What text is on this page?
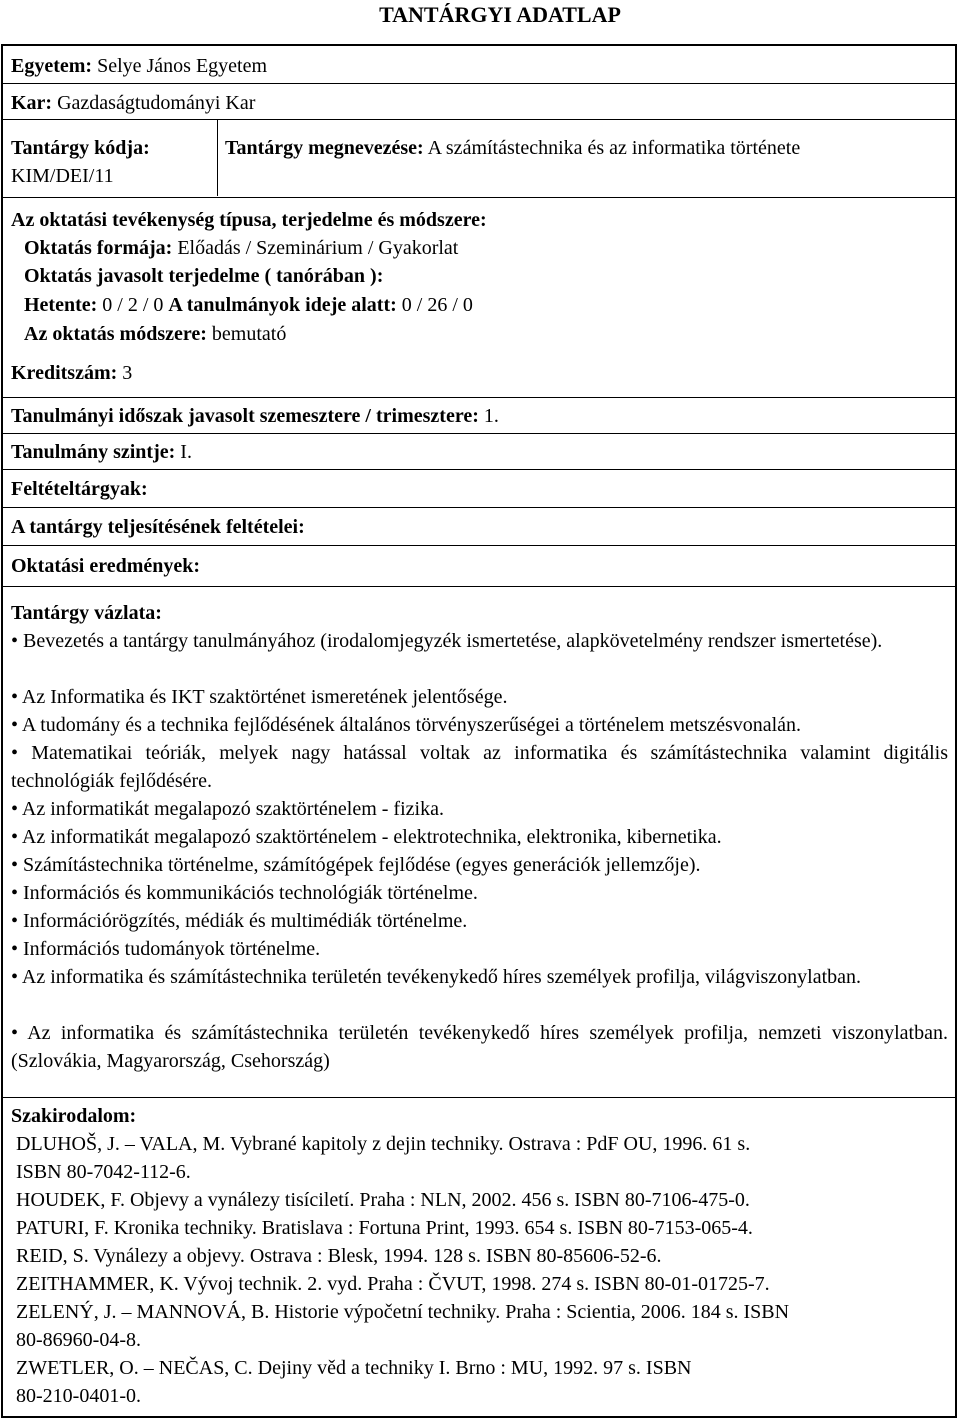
TANTÁRGYI ADATLAP
Egyetem: Selye János Egyetem
Kar: Gazdaságtudományi Kar
Tantárgy kódja:
KIM/DEI/11
Tantárgy megnevezése: A számítástechnika és az informatika története
Az oktatási tevékenység típusa, terjedelme és módszere:
Oktatás formája: Előadás / Szeminárium / Gyakorlat
Oktatás javasolt terjedelme ( tanórában ):
Hetente: 0 / 2 / 0 A tanulmányok ideje alatt: 0 / 26 / 0
Az oktatás módszere: bemutató
Kreditszám: 3
Tanulmányi időszak javasolt szemesztere / trimesztere: 1.
Tanulmány szintje: I.
Feltételtárgyak:
A tantárgy teljesítésének feltételei:
Oktatási eredmények:
Tantárgy vázlata:
• Bevezetés a tantárgy tanulmányához (irodalomjegyzék ismertetése, alapkövetelmény rendszer ismertetése).
• Az Informatika és IKT szaktörténet ismeretének jelentősége.
• A tudomány és a technika fejlődésének általános törvényszerűségei a történelem metszésvonalán.
• Matematikai teóriák, melyek nagy hatással voltak az informatika és számítástechnika valamint digitális technológiák fejlődésére.
• Az informatikát megalapozó szaktörténelem - fizika.
• Az informatikát megalapozó szaktörténelem - elektrotechnika, elektronika, kibernetika.
• Számítástechnika történelme, számítógépek fejlődése (egyes generációk jellemzője).
• Információs és kommunikációs technológiák történelme.
• Információrögzítés, médiák és multimédiák történelme.
• Információs tudományok történelme.
• Az informatika és számítástechnika területén tevékenykedő híres személyek profilja, világviszonylatban.
• Az informatika és számítástechnika területén tevékenykedő híres személyek profilja, nemzeti viszonylatban. (Szlovákia, Magyarország, Csehország)
Szakirodalom:
DLUHOŠ, J. – VALA, M. Vybrané kapitoly z dejin techniky. Ostrava : PdF OU, 1996. 61 s.
ISBN 80-7042-112-6.
HOUDEK, F. Objevy a vynálezy tisíciletí. Praha : NLN, 2002. 456 s. ISBN 80-7106-475-0.
PATURI, F. Kronika techniky. Bratislava : Fortuna Print, 1993. 654 s. ISBN 80-7153-065-4.
REID, S. Vynálezy a objevy. Ostrava : Blesk, 1994. 128 s. ISBN 80-85606-52-6.
ZEITHAMMER, K. Vývoj technik. 2. vyd. Praha : ČVUT, 1998. 274 s. ISBN 80-01-01725-7.
ZELENÝ, J. – MANNOVÁ, B. Historie výpočetní techniky. Praha : Scientia, 2006. 184 s. ISBN
80-86960-04-8.
ZWETLER, O. – NEČAS, C. Dejiny věd a techniky I. Brno : MU, 1992. 97 s. ISBN
80-210-0401-0.
